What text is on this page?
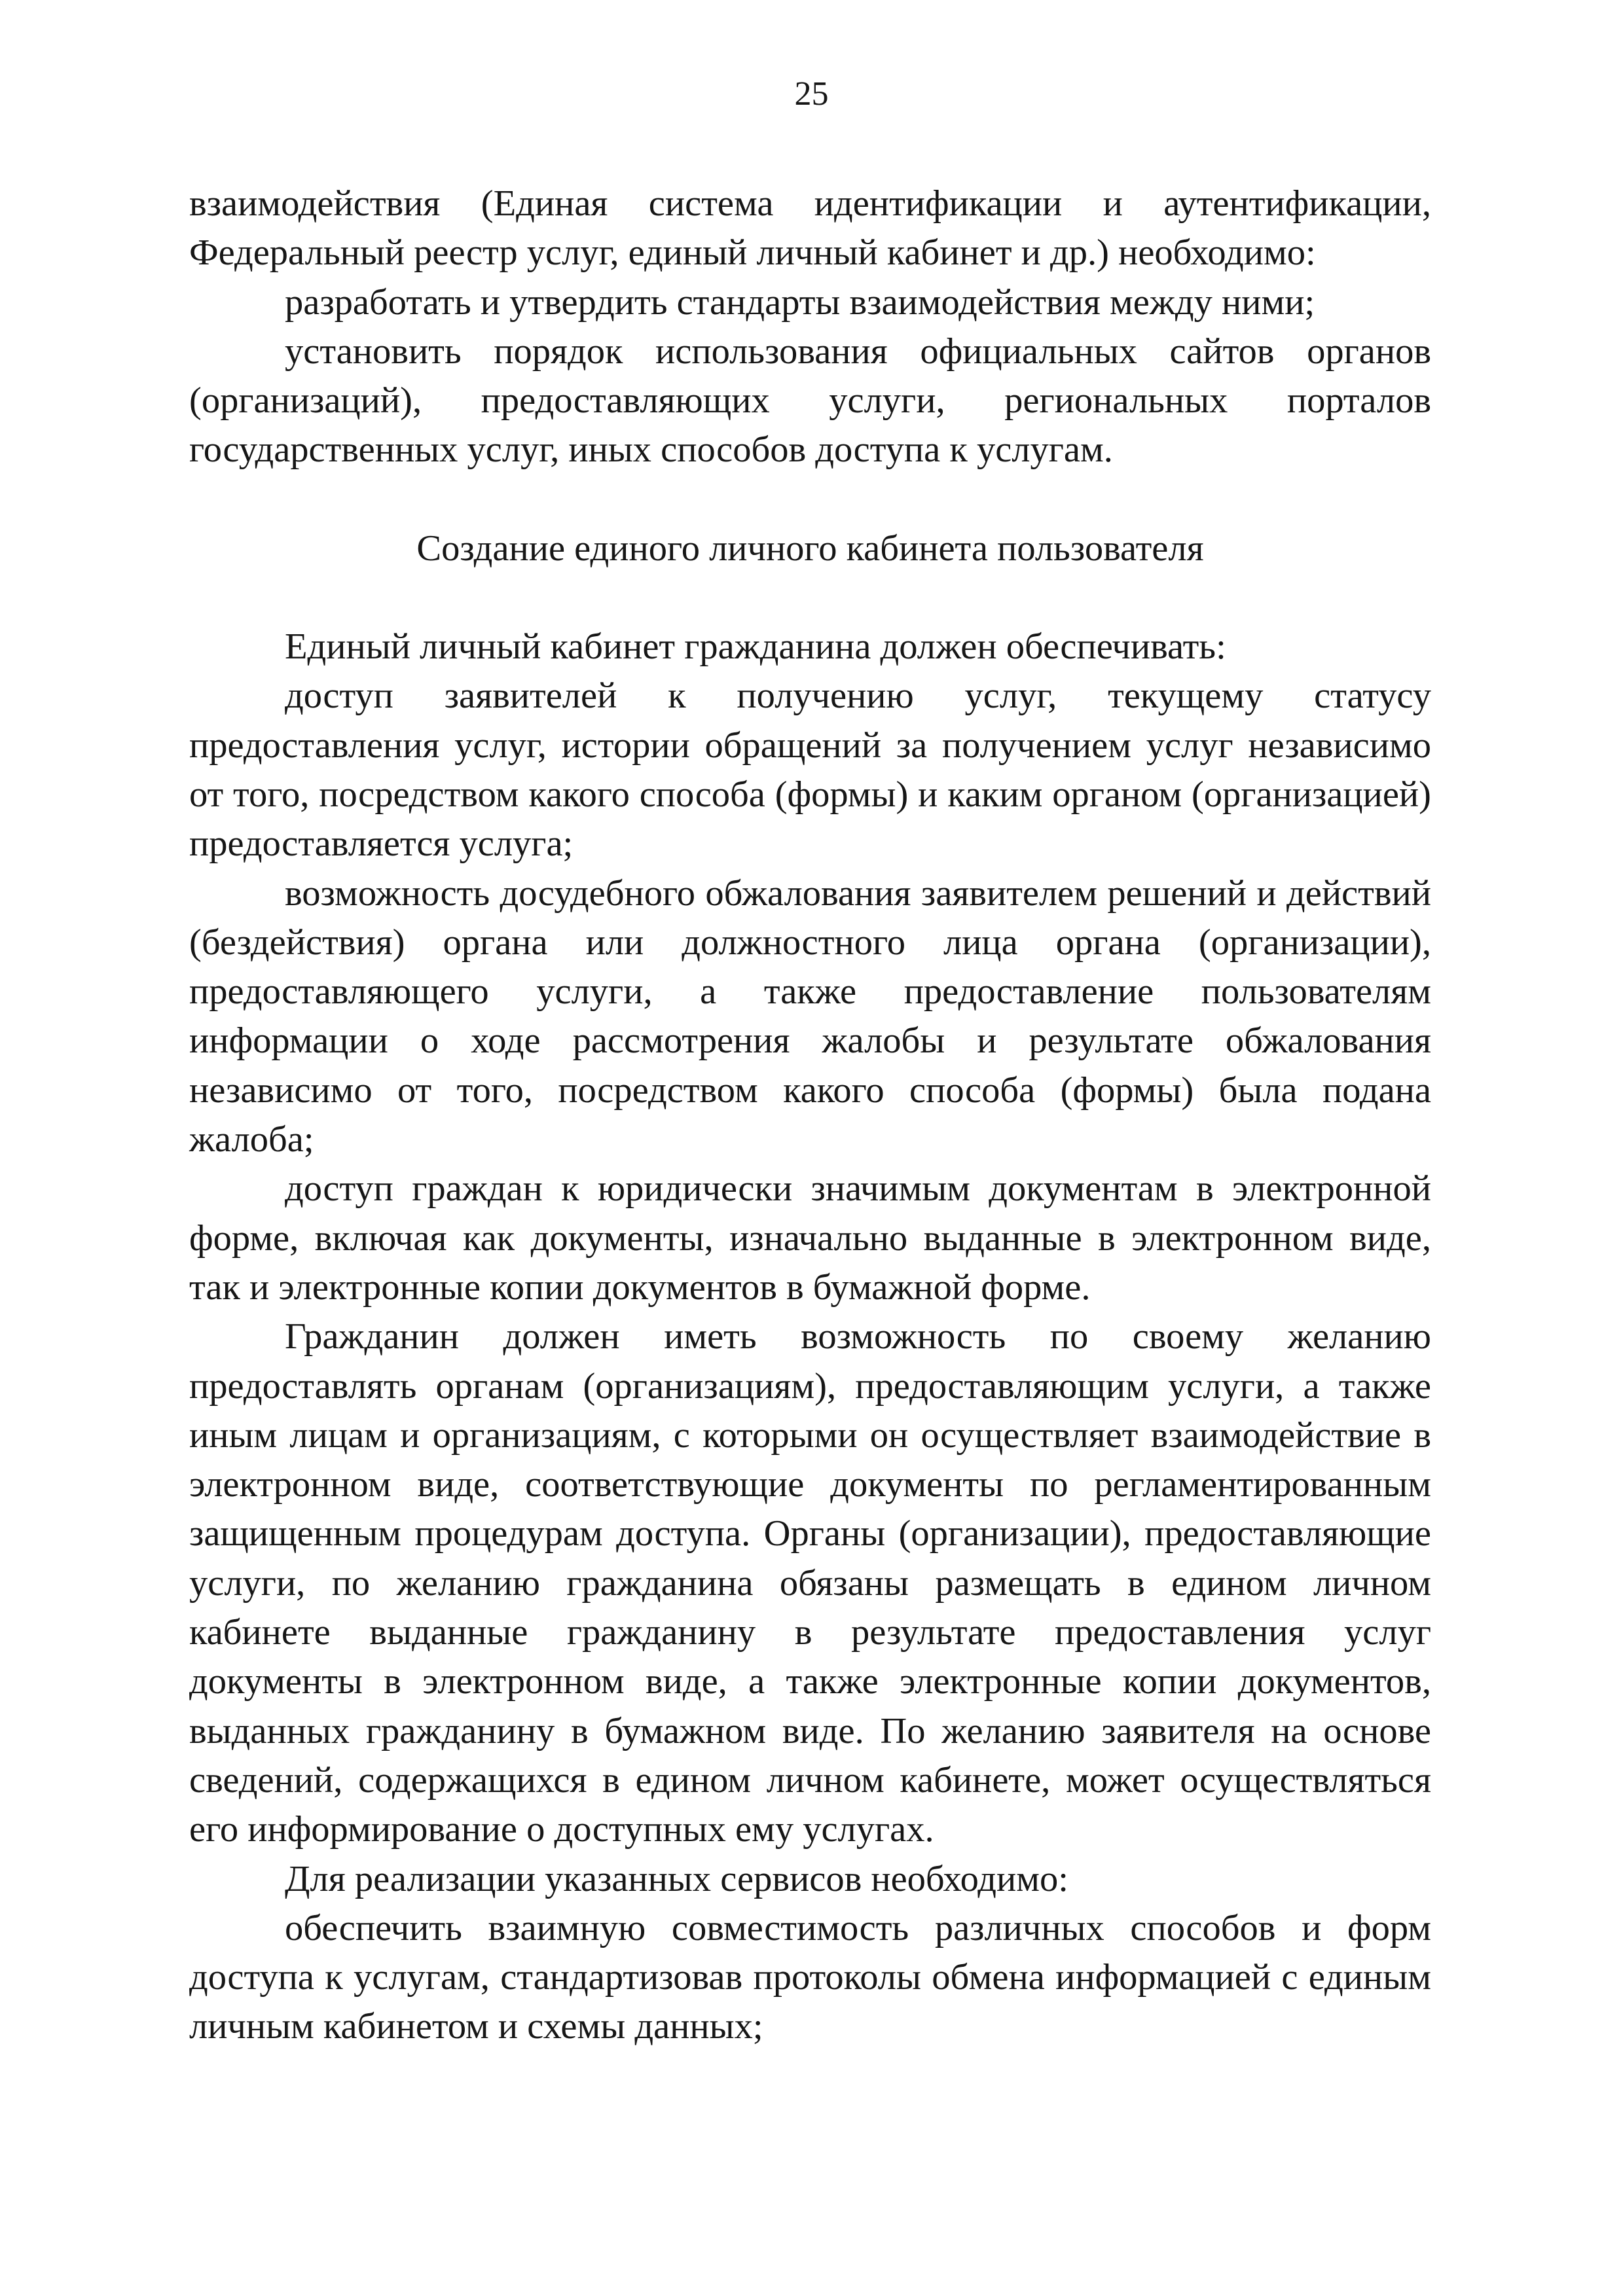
25

взаимодействия (Единая система идентификации и аутентификации, Федеральный реестр услуг, единый личный кабинет и др.) необходимо:

разработать и утвердить стандарты взаимодействия между ними;

установить порядок использования официальных сайтов органов (организаций), предоставляющих услуги, региональных порталов государственных услуг, иных способов доступа к услугам.

Создание единого личного кабинета пользователя

Единый личный кабинет гражданина должен обеспечивать:

доступ заявителей к получению услуг, текущему статусу предоставления услуг, истории обращений за получением услуг независимо от того, посредством какого способа (формы) и каким органом (организацией) предоставляется услуга;

возможность досудебного обжалования заявителем решений и действий (бездействия) органа или должностного лица органа (организации), предоставляющего услуги, а также предоставление пользователям информации о ходе рассмотрения жалобы и результате обжалования независимо от того, посредством какого способа (формы) была подана жалоба;

доступ граждан к юридически значимым документам в электронной форме, включая как документы, изначально выданные в электронном виде, так и электронные копии документов в бумажной форме.

Гражданин должен иметь возможность по своему желанию предоставлять органам (организациям), предоставляющим услуги, а также иным лицам и организациям, с которыми он осуществляет взаимодействие в электронном виде, соответствующие документы по регламентированным защищенным процедурам доступа. Органы (организации), предоставляющие услуги, по желанию гражданина обязаны размещать в едином личном кабинете выданные гражданину в результате предоставления услуг документы в электронном виде, а также электронные копии документов, выданных гражданину в бумажном виде. По желанию заявителя на основе сведений, содержащихся в едином личном кабинете, может осуществляться его информирование о доступных ему услугах.

Для реализации указанных сервисов необходимо:

обеспечить взаимную совместимость различных способов и форм доступа к услугам, стандартизовав протоколы обмена информацией с единым личным кабинетом и схемы данных;
